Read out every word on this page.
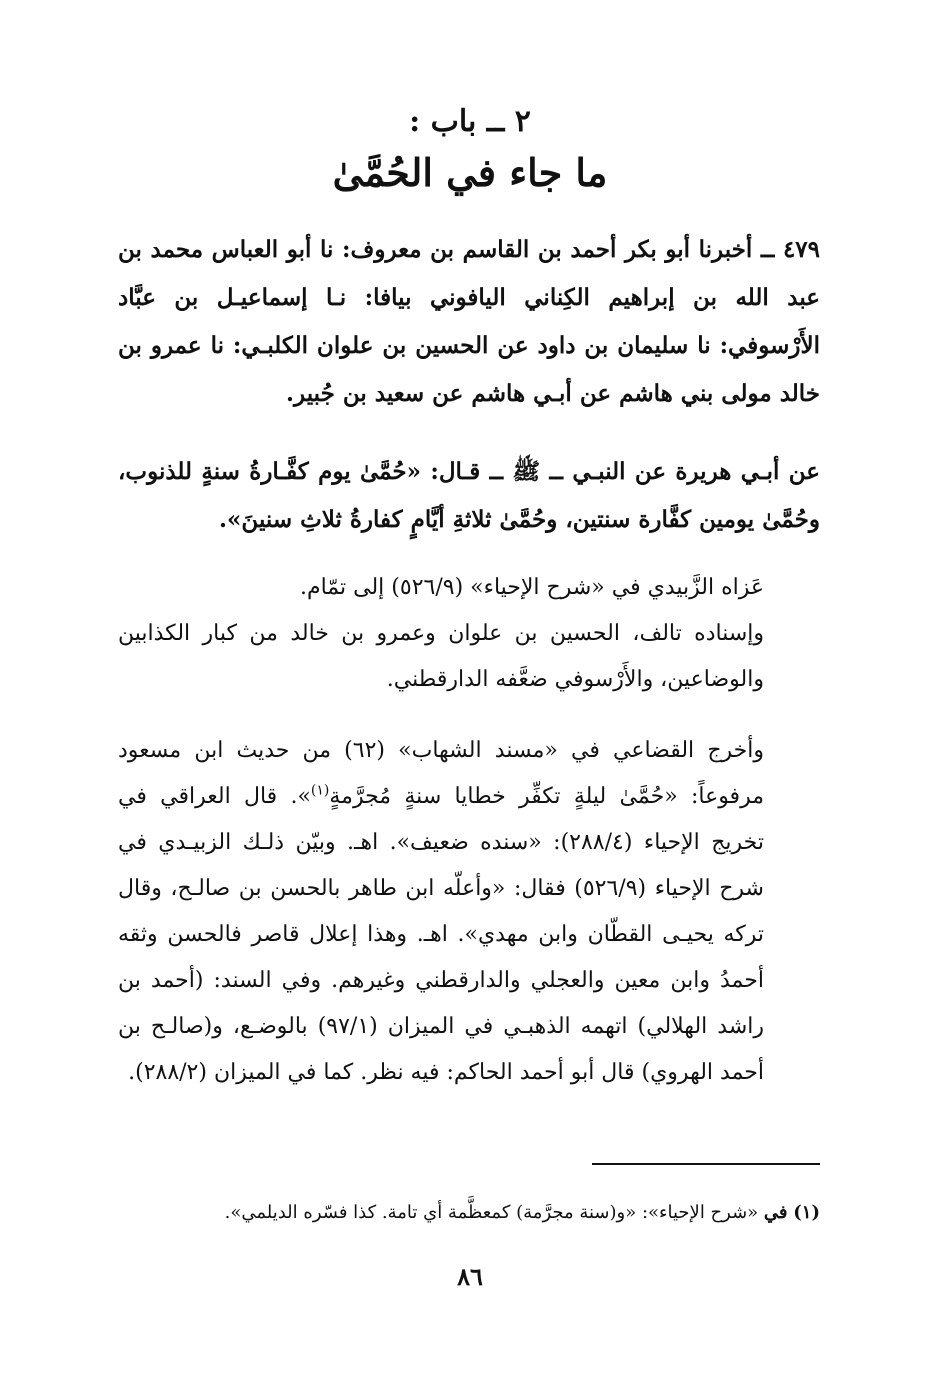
٢ ــ باب :
ما جاء في الحُمَّىٰ

٤٧٩ ــ أخبرنا أبو بكر أحمد بن القاسم بن معروف: نا أبو العباس محمد بن عبد الله بن إبراهيم الكِناني اليافوني بيافا: نـا إسماعيـل بن عبَّاد الأَرْسوفي: نا سليمان بن داود عن الحسين بن علوان الكلبـي: نا عمرو بن خالد مولى بني هاشم عن أبـي هاشم عن سعيد بن جُبير.

عن أبـي هريرة عن النبـي ــ ﷺ ــ قـال: «حُمَّىٰ يوم كفَّـارةُ سنةٍ للذنوب، وحُمَّىٰ يومين كفَّارة سنتين، وحُمَّىٰ ثلاثةِ أيَّامٍ كفارةُ ثلاثِ سنينَ».

عَزاه الزَّبيدي في «شرح الإحياء» (٥٢٦/٩) إلى تمّام.

وإسناده تالف، الحسين بن علوان وعمرو بن خالد من كبار الكذابين والوضاعين، والأَرْسوفي ضعَّفه الدارقطني.

وأخرج القضاعي في «مسند الشهاب» (٦٢) من حديث ابن مسعود مرفوعاً: «حُمَّىٰ ليلةٍ تكفِّر خطايا سنةٍ مُجرَّمةٍ$^{(١)}$». قال العراقي في تخريج الإحياء (٢٨٨/٤): «سنده ضعيف». اهـ. وبيّن ذلـك الزبيـدي في شرح الإحياء (٥٢٦/٩) فقال: «وأعلّه ابن طاهر بالحسن بن صالـح، وقال تركه يحيـى القطّان وابن مهدي». اهـ. وهذا إعلال قاصر فالحسن وثقه أحمدُ وابن معين والعجلي والدارقطني وغيرهم. وفي السند: (أحمد بن راشد الهلالي) اتهمه الذهبـي في الميزان (٩٧/١) بالوضـع، و(صالـح بن أحمد الهروي) قال أبو أحمد الحاكم: فيه نظر. كما في الميزان (٢٨٨/٢).

(١) في «شرح الإحياء»: «و(سنة مجرَّمة) كمعظَّمة أي تامة. كذا فسّره الديلمي».
٨٦
